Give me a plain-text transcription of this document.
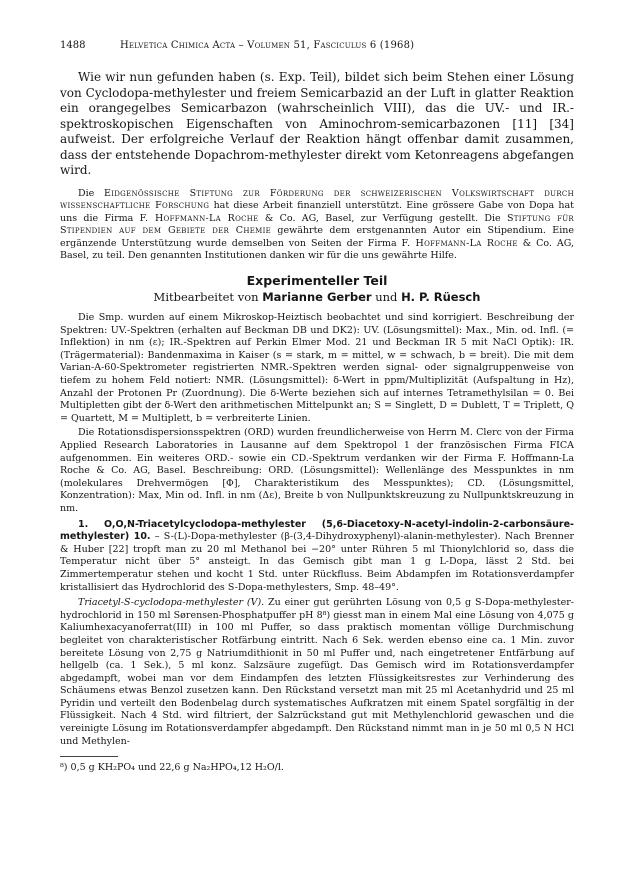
1488	Helvetica Chimica Acta – Volumen 51, Fasciculus 6 (1968)

Wie wir nun gefunden haben (s. Exp. Teil), bildet sich beim Stehen einer Lösung von Cyclodopa-methylester und freiem Semicarbazid an der Luft in glatter Reaktion ein orangegelbes Semicarbazon (wahrscheinlich VIII), das die UV.- und IR.-spektroskopischen Eigenschaften von Aminochrom-semicarbazonen [11] [34] aufweist. Der erfolgreiche Verlauf der Reaktion hängt offenbar damit zusammen, dass der entstehende Dopachrom-methylester direkt vom Ketonreagens abgefangen wird.

Die Eidgenössische Stiftung zur Förderung der schweizerischen Volkswirtschaft durch wissenschaftliche Forschung hat diese Arbeit finanziell unterstützt. Eine grössere Gabe von Dopa hat uns die Firma F. Hoffmann-La Roche & Co. AG, Basel, zur Verfügung gestellt. Die Stiftung für Stipendien auf dem Gebiete der Chemie gewährte dem erstgenannten Autor ein Stipendium. Eine ergänzende Unterstützung wurde demselben von Seiten der Firma F. Hoffmann-La Roche & Co. AG, Basel, zu teil. Den genannten Institutionen danken wir für die uns gewährte Hilfe.

Experimenteller Teil
Mitbearbeitet von Marianne Gerber und H. P. Rüesch

Die Smp. wurden auf einem Mikroskop-Heiztisch beobachtet und sind korrigiert. Beschreibung der Spektren: UV.-Spektren (erhalten auf Beckman DB und DK2): UV. (Lösungsmittel): Max., Min. od. Infl. (= Inflektion) in nm (ε); IR.-Spektren auf Perkin Elmer Mod. 21 und Beckman IR 5 mit NaCl Optik): IR. (Trägermaterial): Bandenmaxima in Kaiser (s = stark, m = mittel, w = schwach, b = breit). Die mit dem Varian-A-60-Spektrometer registrierten NMR.-Spektren werden signal- oder signalgruppenweise von tiefem zu hohem Feld notiert: NMR. (Lösungsmittel): δ-Wert in ppm/Multiplizität (Aufspaltung in Hz), Anzahl der Protonen Pr (Zuordnung). Die δ-Werte beziehen sich auf internes Tetramethylsilan = 0. Bei Multipletten gibt der δ-Wert den arithmetischen Mittelpunkt an; S = Singlett, D = Dublett, T = Triplett, Q = Quartett, M = Multiplett, b = verbreiterte Linien.

Die Rotationsdispersionsspektren (ORD) wurden freundlicherweise von Herrn M. Clerc von der Firma Applied Research Laboratories in Lausanne auf dem Spektropol 1 der französischen Firma FICA aufgenommen. Ein weiteres ORD.- sowie ein CD.-Spektrum verdanken wir der Firma F. Hoffmann-La Roche & Co. AG, Basel. Beschreibung: ORD. (Lösungsmittel): Wellenlänge des Messpunktes in nm (molekulares Drehvermögen [Φ], Charakteristikum des Messpunktes); CD. (Lösungsmittel, Konzentration): Max, Min od. Infl. in nm (Δε), Breite b von Nullpunktskreuzung zu Nullpunktskreuzung in nm.

1. O,O,N-Triacetylcyclodopa-methylester (5,6-Diacetoxy-N-acetyl-indolin-2-carbonsäure-methylester) 10. – S-(L)-Dopa-methylester (β-(3,4-Dihydroxyphenyl)-alanin-methylester). Nach Brenner & Huber [22] tropft man zu 20 ml Methanol bei −20° unter Rühren 5 ml Thionylchlorid so, dass die Temperatur nicht über 5° ansteigt. In das Gemisch gibt man 1 g L-Dopa, lässt 2 Std. bei Zimmertemperatur stehen und kocht 1 Std. unter Rückfluss. Beim Abdampfen im Rotationsverdampfer kristallisiert das Hydrochlorid des S-Dopa-methylesters, Smp. 48–49°.

Triacetyl-S-cyclodopa-methylester (V). Zu einer gut gerührten Lösung von 0,5 g S-Dopa-methylester-hydrochlorid in 150 ml Sørensen-Phosphatpuffer pH 8⁸) giesst man in einem Mal eine Lösung von 4,075 g Kaliumhexacyanoferrat(III) in 100 ml Puffer, so dass praktisch momentan völlige Durchmischung begleitet von charakteristischer Rotfärbung eintritt. Nach 6 Sek. werden ebenso eine ca. 1 Min. zuvor bereitete Lösung von 2,75 g Natriumdithionit in 50 ml Puffer und, nach eingetretener Entfärbung auf hellgelb (ca. 1 Sek.), 5 ml konz. Salzsäure zugefügt. Das Gemisch wird im Rotationsverdampfer abgedampft, wobei man vor dem Eindampfen des letzten Flüssigkeitsrestes zur Verhinderung des Schäumens etwas Benzol zusetzen kann. Den Rückstand versetzt man mit 25 ml Acetanhydrid und 25 ml Pyridin und verteilt den Bodenbelag durch systematisches Aufkratzen mit einem Spatel sorgfältig in der Flüssigkeit. Nach 4 Std. wird filtriert, der Salzrückstand gut mit Methylenchlorid gewaschen und die vereinigte Lösung im Rotationsverdampfer abgedampft. Den Rückstand nimmt man in je 50 ml 0,5 N HCl und Methylen-

⁸) 0,5 g KH₂PO₄ und 22,6 g Na₂HPO₄,12 H₂O/l.
